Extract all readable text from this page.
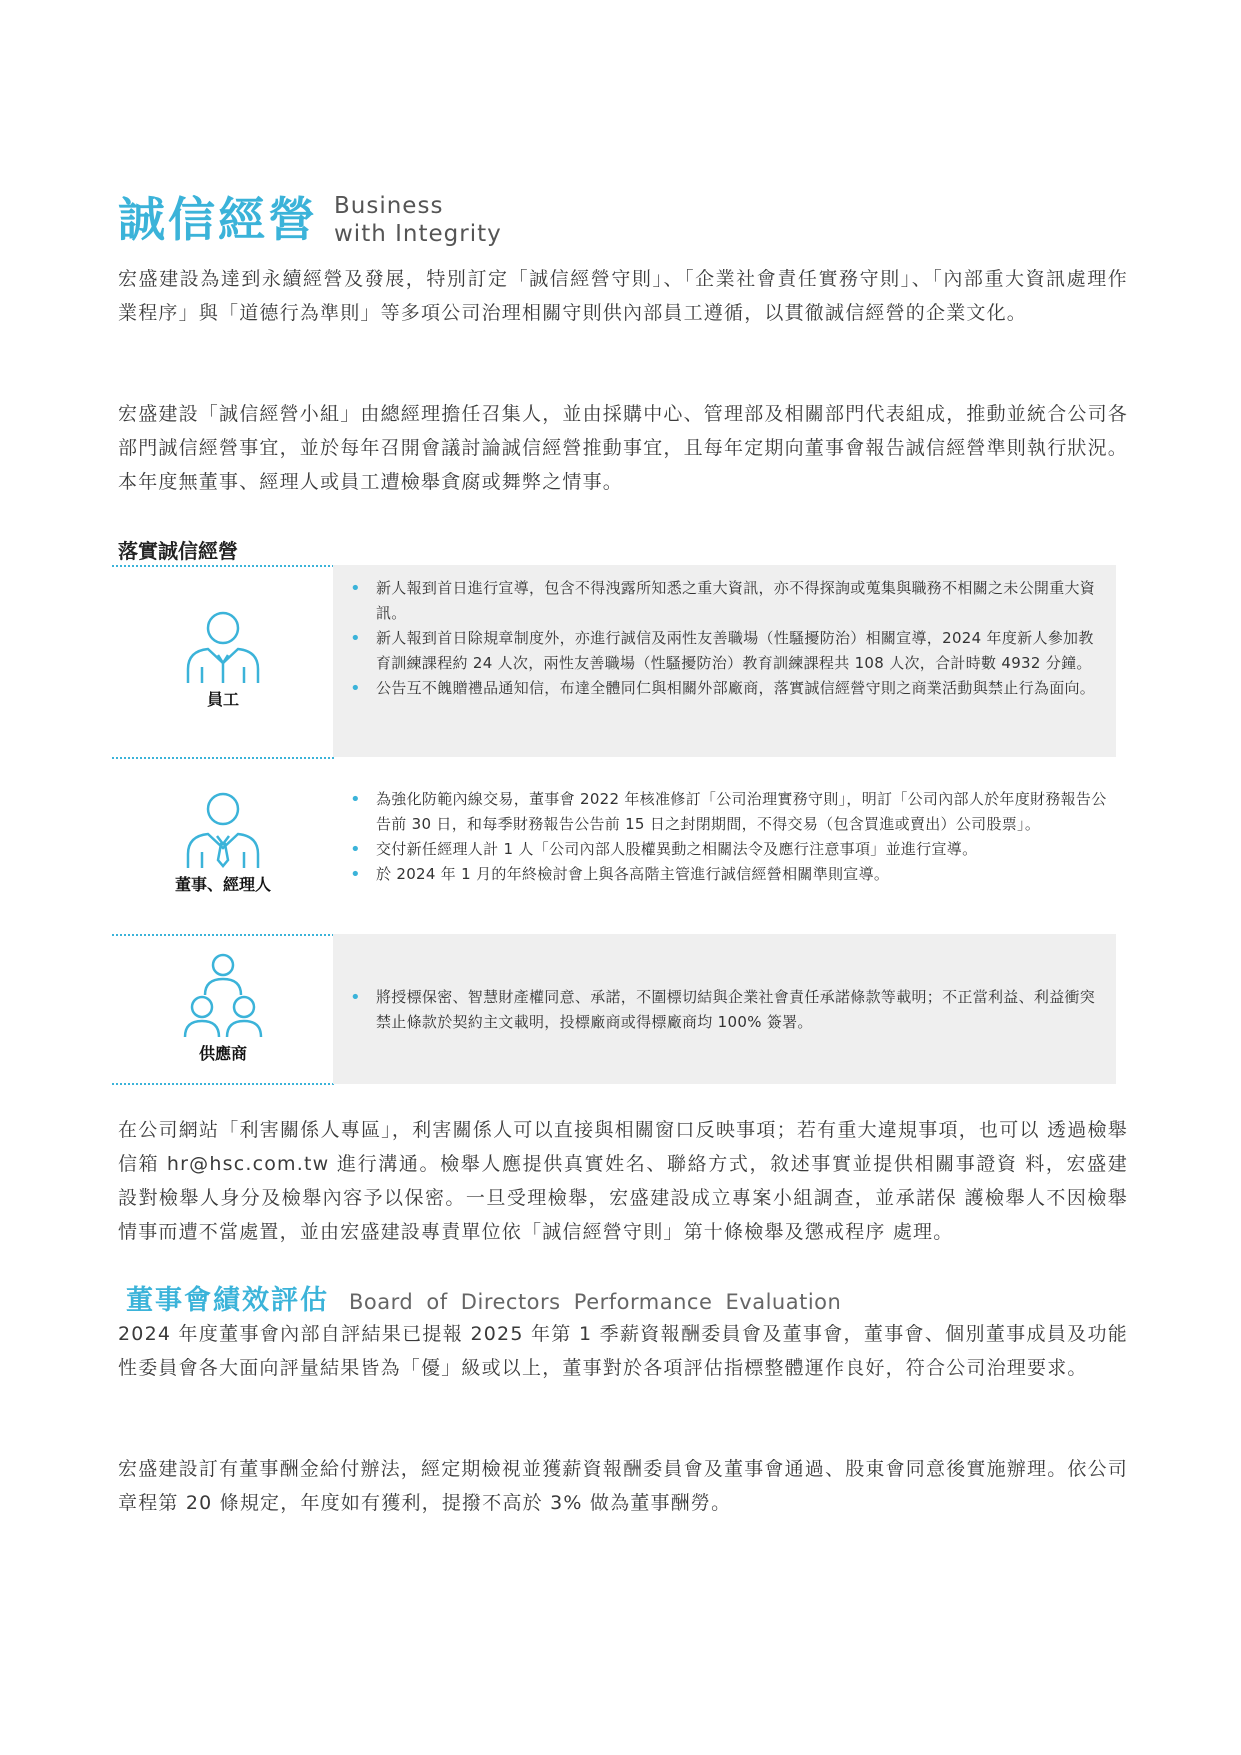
誠信經營 Business
with Integrity

宏盛建設為達到永續經營及發展，特別訂定「誠信經營守則」、「企業社會責任實務守則」、「內部重大資訊處理作業程序」與「道德行為準則」等多項公司治理相關守則供內部員工遵循，以貫徹誠信經營的企業文化。

宏盛建設「誠信經營小組」由總經理擔任召集人，並由採購中心、管理部及相關部門代表組成，推動並統合公司各部門誠信經營事宜，並於每年召開會議討論誠信經營推動事宜，且每年定期向董事會報告誠信經營準則執行狀況。本年度無董事、經理人或員工遭檢舉貪腐或舞弊之情事。

落實誠信經營
員工
• 新人報到首日進行宣導，包含不得洩露所知悉之重大資訊，亦不得探詢或蒐集與職務不相關之未公開重大資訊。
• 新人報到首日除規章制度外，亦進行誠信及兩性友善職場（性騷擾防治）相關宣導，2024 年度新人參加教育訓練課程約 24 人次，兩性友善職場（性騷擾防治）教育訓練課程共 108 人次，合計時數 4932 分鐘。
• 公告互不餽贈禮品通知信，布達全體同仁與相關外部廠商，落實誠信經營守則之商業活動與禁止行為面向。
董事、經理人
• 為強化防範內線交易，董事會 2022 年核准修訂「公司治理實務守則」，明訂「公司內部人於年度財務報告公告前 30 日，和每季財務報告公告前 15 日之封閉期間，不得交易（包含買進或賣出）公司股票」。
• 交付新任經理人計 1 人「公司內部人股權異動之相關法令及應行注意事項」並進行宣導。
• 於 2024 年 1 月的年終檢討會上與各高階主管進行誠信經營相關準則宣導。
供應商
• 將授標保密、智慧財產權同意、承諾，不圍標切結與企業社會責任承諾條款等載明；不正當利益、利益衝突禁止條款於契約主文載明，投標廠商或得標廠商均 100% 簽署。

在公司網站「利害關係人專區」，利害關係人可以直接與相關窗口反映事項；若有重大違規事項，也可以 透過檢舉信箱 hr@hsc.com.tw 進行溝通。檢舉人應提供真實姓名、聯絡方式，敘述事實並提供相關事證資 料，宏盛建設對檢舉人身分及檢舉內容予以保密。一旦受理檢舉，宏盛建設成立專案小組調查，並承諾保 護檢舉人不因檢舉情事而遭不當處置，並由宏盛建設專責單位依「誠信經營守則」第十條檢舉及懲戒程序 處理。

董事會績效評估 Board of Directors Performance Evaluation

2024 年度董事會內部自評結果已提報 2025 年第 1 季薪資報酬委員會及董事會，董事會、個別董事成員及功能性委員會各大面向評量結果皆為「優」級或以上，董事對於各項評估指標整體運作良好，符合公司治理要求。

宏盛建設訂有董事酬金給付辦法，經定期檢視並獲薪資報酬委員會及董事會通過、股東會同意後實施辦理。依公司章程第 20 條規定，年度如有獲利，提撥不高於 3% 做為董事酬勞。
